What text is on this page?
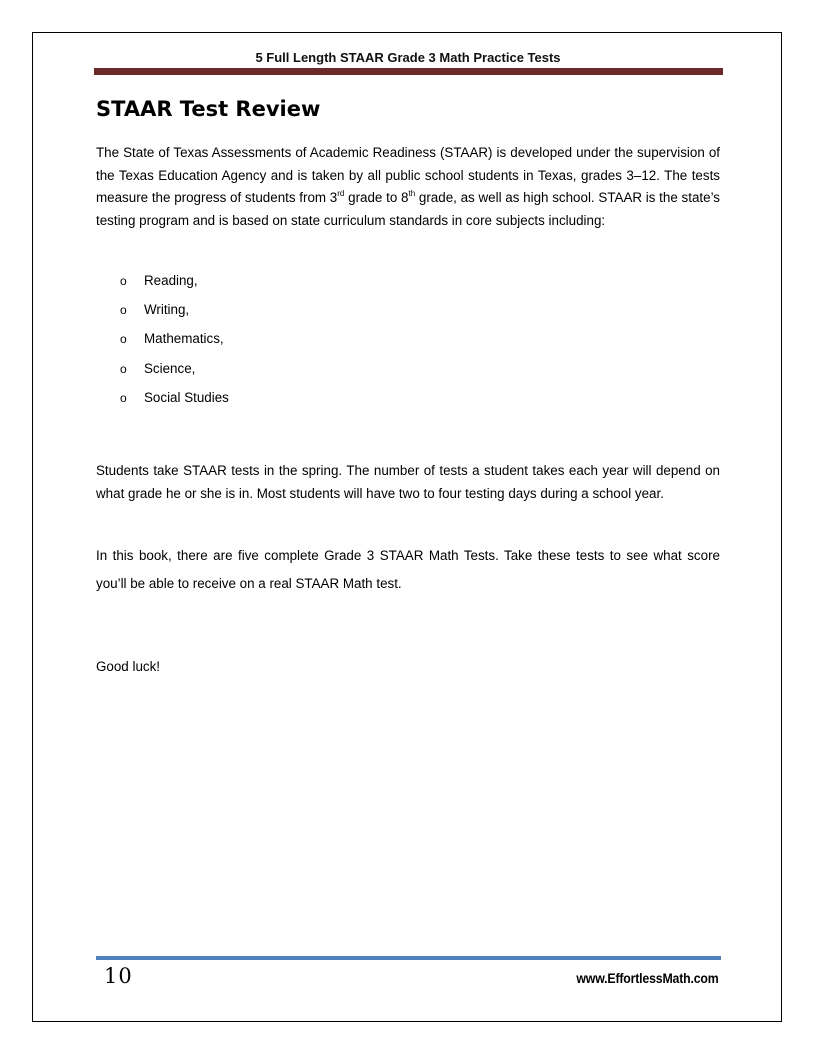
5 Full Length STAAR Grade 3 Math Practice Tests
STAAR Test Review

The State of Texas Assessments of Academic Readiness (STAAR) is developed under the supervision of the Texas Education Agency and is taken by all public school students in Texas, grades 3–12. The tests measure the progress of students from 3rd grade to 8th grade, as well as high school. STAAR is the state’s testing program and is based on state curriculum standards in core subjects including:

o	Reading,
o	Writing,
o	Mathematics,
o	Science,
o	Social Studies

Students take STAAR tests in the spring. The number of tests a student takes each year will depend on what grade he or she is in. Most students will have two to four testing days during a school year.

In this book, there are five complete Grade 3 STAAR Math Tests. Take these tests to see what score you’ll be able to receive on a real STAAR Math test.

Good luck!

10	www.EffortlessMath.com
